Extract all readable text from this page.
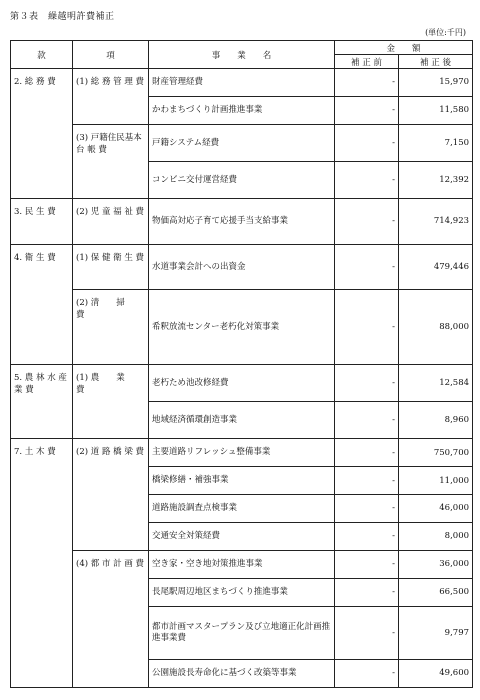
第３表　繰越明許費補正
(単位:千円)
款	項	事　　業　　名	金　　額	
			補 正 前	補 正 後
2. 総 務 費	(1) 総 務 管 理 費	財産管理経費	-	15,970
		かわまちづくり計画推進事業	-	11,580
	(3) 戸籍住民基本 台 帳 費	戸籍システム経費	-	7,150
		コンビニ交付運営経費	-	12,392
3. 民 生 費	(2) 児 童 福 祉 費	物価高対応子育て応援手当支給事業	-	714,923
4. 衛 生 費	(1) 保 健 衛 生 費	水道事業会計への出資金	-	479,446
	(2) 清　　掃　　費	希釈放流センター老朽化対策事業	-	88,000
5. 農 林 水 産 業 費	(1) 農　　業　　費	老朽ため池改修経費	-	12,584
		地域経済循環創造事業	-	8,960
7. 土 木 費	(2) 道 路 橋 梁 費	主要道路リフレッシュ整備事業	-	750,700
		橋梁修繕・補強事業	-	11,000
		道路施設調査点検事業	-	46,000
		交通安全対策経費	-	8,000
	(4) 都 市 計 画 費	空き家・空き地対策推進事業	-	36,000
		長尾駅周辺地区まちづくり推進事業	-	66,500
		都市計画マスタープラン及び立地適正化計画推進事業費	-	9,797
		公園施設長寿命化に基づく改築等事業	-	49,600
